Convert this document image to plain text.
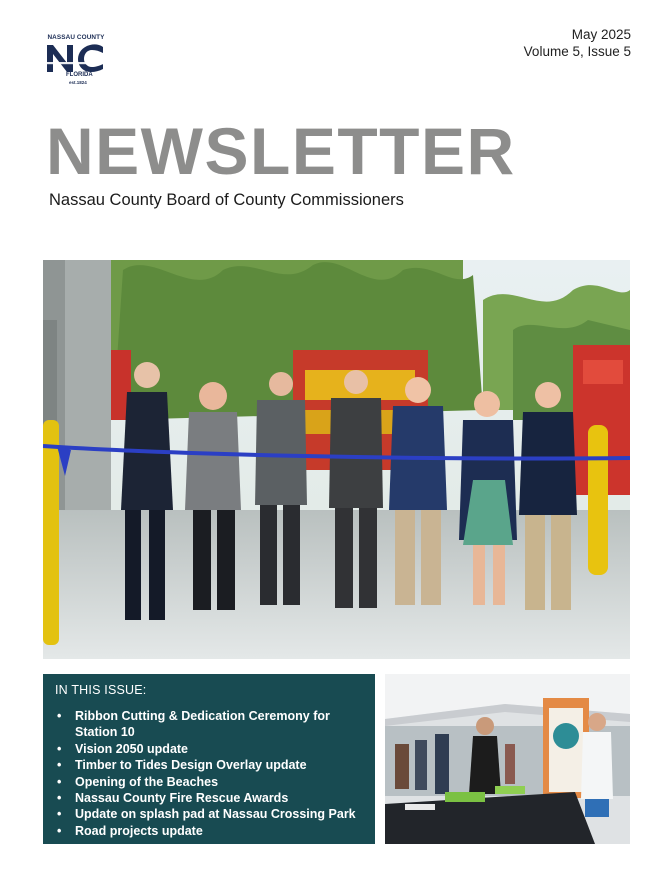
NASSAU COUNTY
FLORIDA
est.1824
May 2025
Volume 5, Issue 5
NEWSLETTER
Nassau County Board of County Commissioners
IN THIS ISSUE:
• Ribbon Cutting & Dedication Ceremony for Station 10
• Vision 2050 update
• Timber to Tides Design Overlay update
• Opening of the Beaches
• Nassau County Fire Rescue Awards
• Update on splash pad at Nassau Crossing Park
• Road projects update
